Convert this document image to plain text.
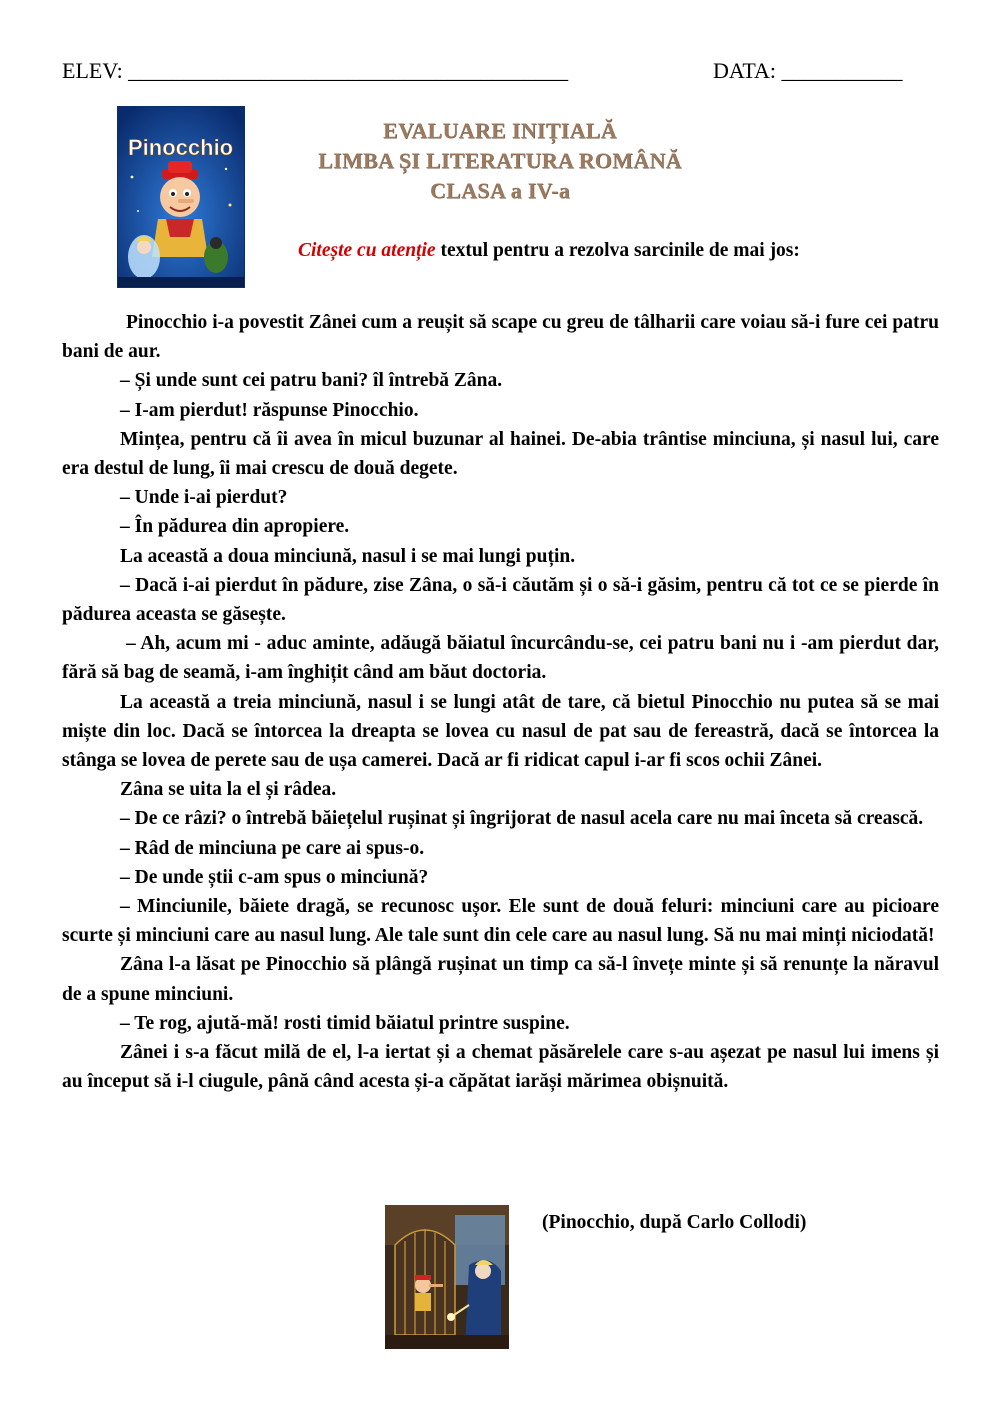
ELEV: ________________________________________	DATA: ___________
Pinocchio
EVALUARE INIȚIALĂ
LIMBA ȘI LITERATURA ROMÂNĂ
CLASA a IV-a
Citește cu atenție textul pentru a rezolva sarcinile de mai jos:

Pinocchio i-a povestit Zânei cum a reușit să scape cu greu de tâlharii care voiau să-i fure cei patru bani de aur.

– Și unde sunt cei patru bani? îl întrebă Zâna.

– I-am pierdut! răspunse Pinocchio.

Mințea, pentru că îi avea în micul buzunar al hainei. De-abia trântise minciuna, și nasul lui, care era destul de lung, îi mai crescu de două degete.

– Unde i-ai pierdut?

– În pădurea din apropiere.

La această a doua minciună, nasul i se mai lungi puțin.

– Dacă i-ai pierdut în pădure, zise Zâna, o să-i căutăm și o să-i găsim, pentru că tot ce se pierde în pădurea aceasta se găsește.

– Ah, acum mi - aduc aminte, adăugă băiatul încurcându-se, cei patru bani nu i -am pierdut dar, fără să bag de seamă, i-am înghițit când am băut doctoria.

La această a treia minciună, nasul i se lungi atât de tare, că bietul Pinocchio nu putea să se mai miște din loc. Dacă se întorcea la dreapta se lovea cu nasul de pat sau de fereastră, dacă se întorcea la stânga se lovea de perete sau de ușa camerei. Dacă ar fi ridicat capul i-ar fi scos ochii Zânei.

Zâna se uita la el și râdea.

– De ce râzi? o întrebă băiețelul rușinat și îngrijorat de nasul acela care nu mai înceta să crească.

– Râd de minciuna pe care ai spus-o.

– De unde știi c-am spus o minciună?

– Minciunile, băiete dragă, se recunosc ușor. Ele sunt de două feluri: minciuni care au picioare scurte și minciuni care au nasul lung. Ale tale sunt din cele care au nasul lung. Să nu mai minți niciodată!

Zâna l-a lăsat pe Pinocchio să plângă rușinat un timp ca să-l învețe minte și să renunțe la năravul de a spune minciuni.

– Te rog, ajută-mă! rosti timid băiatul printre suspine.

Zânei i s-a făcut milă de el, l-a iertat și a chemat păsărelele care s-au așezat pe nasul lui imens și au început să i-l ciugule, până când acesta și-a căpătat iarăși mărimea obișnuită.

(Pinocchio, după Carlo Collodi)
